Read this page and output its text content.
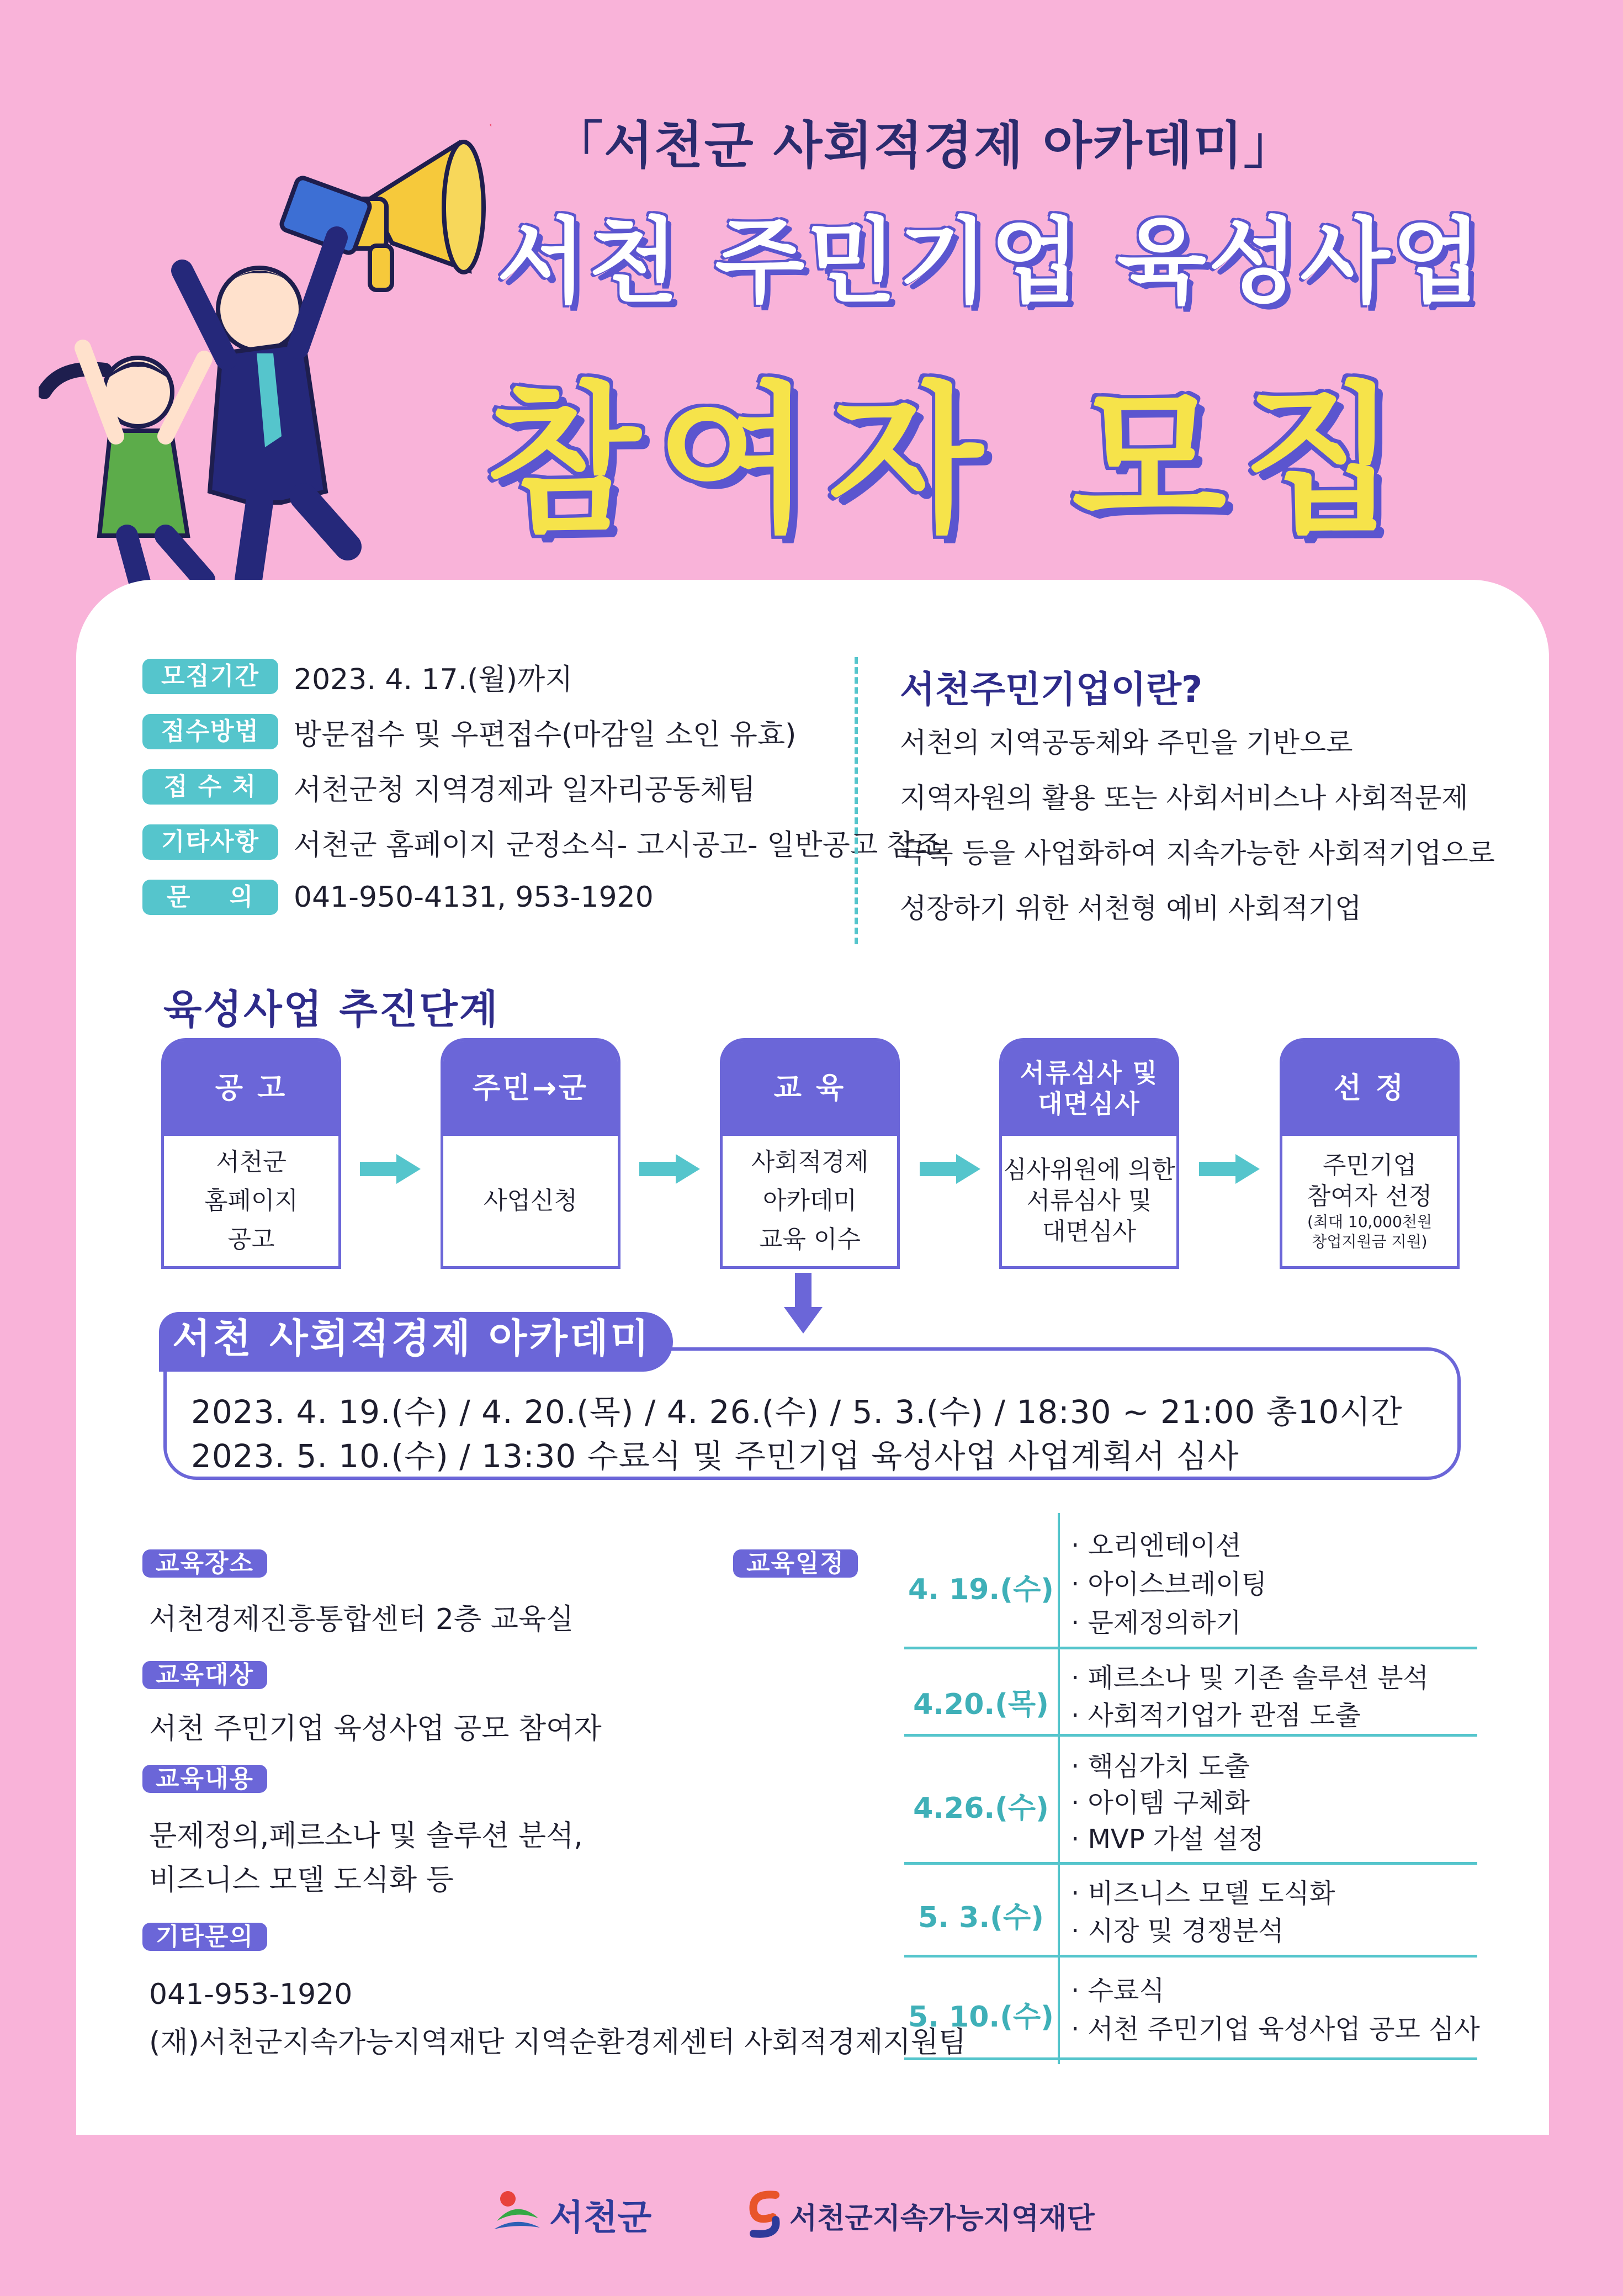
「서천군 사회적경제 아카데미」
서천 주민기업 육성사업
참여자 모집
모집기간	2023. 4. 17.(월)까지
접수방법	방문접수 및 우편접수(마감일 소인 유효)
접 수 처	서천군청 지역경제과 일자리공동체팀
기타사항	서천군 홈페이지 군정소식- 고시공고- 일반공고 참조
문    의	041-950-4131, 953-1920
서천주민기업이란?
서천의 지역공동체와 주민을 기반으로
지역자원의 활용 또는 사회서비스나 사회적문제
극복 등을 사업화하여 지속가능한 사회적기업으로
성장하기 위한 서천형 예비 사회적기업
육성사업 추진단계
공 고
서천군
홈페이지
공고
주민→군
사업신청
교 육
사회적경제
아카데미
교육 이수
서류심사 및
대면심사
심사위원에 의한
서류심사 및
대면심사
선 정
주민기업
참여자 선정
(최대 10,000천원
창업지원금 지원)
서천 사회적경제 아카데미
2023. 4. 19.(수) / 4. 20.(목) / 4. 26.(수) / 5. 3.(수) / 18:30 ~ 21:00 총10시간
2023. 5. 10.(수) / 13:30 수료식 및 주민기업 육성사업 사업계획서 심사
교육장소
서천경제진흥통합센터 2층 교육실
교육대상
서천 주민기업 육성사업 공모 참여자
교육내용
문제정의,페르소나 및 솔루션 분석,
비즈니스 모델 도식화 등
기타문의
041-953-1920
(재)서천군지속가능지역재단 지역순환경제센터 사회적경제지원팀
교육일정
4. 19.(수)
· 오리엔테이션
· 아이스브레이팅
· 문제정의하기
4.20.(목)
· 페르소나 및 기존 솔루션 분석
· 사회적기업가 관점 도출
4.26.(수)
· 핵심가치 도출
· 아이템 구체화
· MVP 가설 설정
5. 3.(수)
· 비즈니스 모델 도식화
· 시장 및 경쟁분석
5. 10.(수)
· 수료식
· 서천 주민기업 육성사업 공모 심사
서천군	서천군지속가능지역재단
